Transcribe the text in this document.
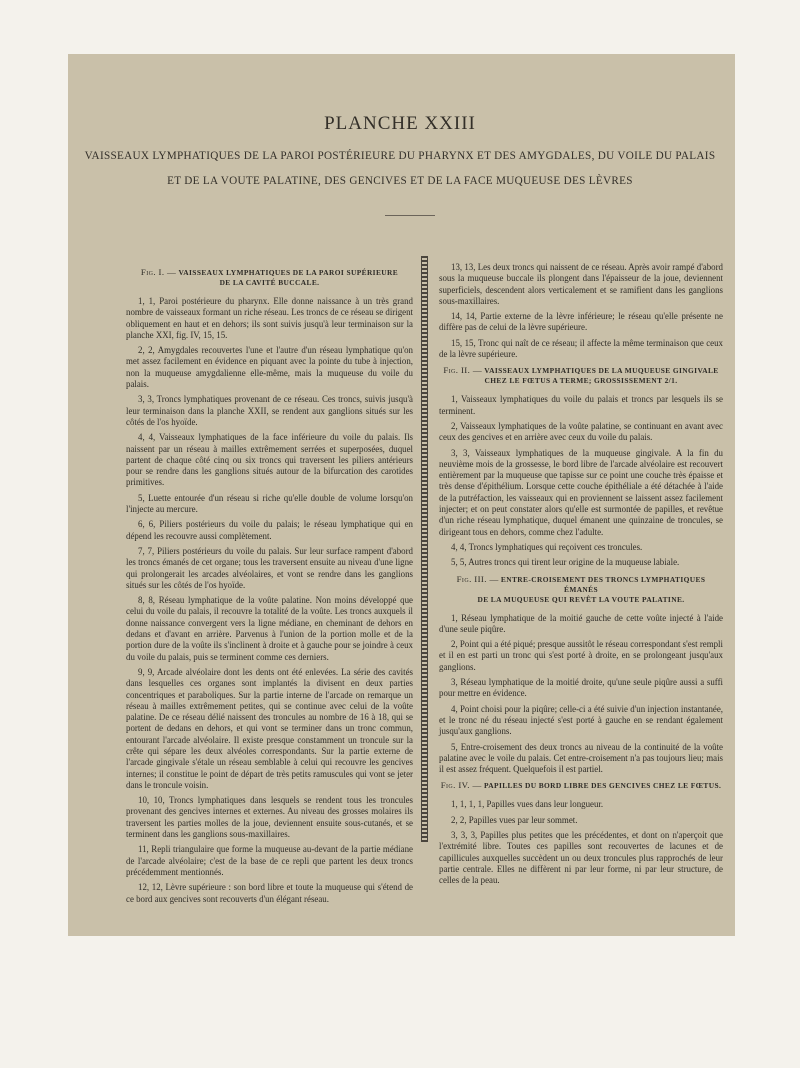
PLANCHE XXIII
VAISSEAUX LYMPHATIQUES DE LA PAROI POSTÉRIEURE DU PHARYNX ET DES AMYGDALES, DU VOILE DU PALAIS
ET DE LA VOUTE PALATINE, DES GENCIVES ET DE LA FACE MUQUEUSE DES LÈVRES
Fig. I. — VAISSEAUX LYMPHATIQUES DE LA PAROI SUPÉRIEURE
DE LA CAVITÉ BUCCALE.

1, 1, Paroi postérieure du pharynx. Elle donne naissance à un très grand nombre de vaisseaux formant un riche réseau. Les troncs de ce réseau se dirigent obliquement en haut et en dehors; ils sont suivis jusqu'à leur terminaison sur la planche XXI, fig. IV, 15, 15.

2, 2, Amygdales recouvertes l'une et l'autre d'un réseau lymphatique qu'on met assez facilement en évidence en piquant avec la pointe du tube à injection, non la muqueuse amygdalienne elle-même, mais la muqueuse du voile du palais.

3, 3, Troncs lymphatiques provenant de ce réseau. Ces troncs, suivis jusqu'à leur terminaison dans la planche XXII, se rendent aux ganglions situés sur les côtés de l'os hyoïde.

4, 4, Vaisseaux lymphatiques de la face inférieure du voile du palais. Ils naissent par un réseau à mailles extrêmement serrées et superposées, duquel partent de chaque côté cinq ou six troncs qui traversent les piliers antérieurs pour se rendre dans les ganglions situés autour de la bifurcation des carotides primitives.

5, Luette entourée d'un réseau si riche qu'elle double de volume lorsqu'on l'injecte au mercure.

6, 6, Piliers postérieurs du voile du palais; le réseau lymphatique qui en dépend les recouvre aussi complètement.

7, 7, Piliers postérieurs du voile du palais. Sur leur surface rampent d'abord les troncs émanés de cet organe; tous les traversent ensuite au niveau d'une ligne qui prolongerait les arcades alvéolaires, et vont se rendre dans les ganglions situés sur les côtés de l'os hyoïde.

8, 8, Réseau lymphatique de la voûte palatine. Non moins développé que celui du voile du palais, il recouvre la totalité de la voûte. Les troncs auxquels il donne naissance convergent vers la ligne médiane, en cheminant de dehors en dedans et d'avant en arrière. Parvenus à l'union de la portion molle et de la portion dure de la voûte ils s'inclinent à droite et à gauche pour se joindre à ceux du voile du palais, puis se terminent comme ces derniers.

9, 9, Arcade alvéolaire dont les dents ont été enlevées. La série des cavités dans lesquelles ces organes sont implantés la divisent en deux parties concentriques et paraboliques. Sur la partie interne de l'arcade on remarque un réseau à mailles extrêmement petites, qui se continue avec celui de la voûte palatine. De ce réseau délié naissent des troncules au nombre de 16 à 18, qui se portent de dedans en dehors, et qui vont se terminer dans un tronc commun, entourant l'arcade alvéolaire. Il existe presque constamment un troncule sur la crête qui sépare les deux alvéoles correspondants. Sur la partie externe de l'arcade gingivale s'étale un réseau semblable à celui qui recouvre les gencives internes; il constitue le point de départ de très petits ramuscules qui vont se jeter dans le troncule voisin.

10, 10, Troncs lymphatiques dans lesquels se rendent tous les troncules provenant des gencives internes et externes. Au niveau des grosses molaires ils traversent les parties molles de la joue, deviennent ensuite sous-cutanés, et se terminent dans les ganglions sous-maxillaires.

11, Repli triangulaire que forme la muqueuse au-devant de la partie médiane de l'arcade alvéolaire; c'est de la base de ce repli que partent les deux troncs précédemment mentionnés.

12, 12, Lèvre supérieure : son bord libre et toute la muqueuse qui s'étend de ce bord aux gencives sont recouverts d'un élégant réseau.

13, 13, Les deux troncs qui naissent de ce réseau. Après avoir rampé d'abord sous la muqueuse buccale ils plongent dans l'épaisseur de la joue, deviennent superficiels, descendent alors verticalement et se ramifient dans les ganglions sous-maxillaires.

14, 14, Partie externe de la lèvre inférieure; le réseau qu'elle présente ne diffère pas de celui de la lèvre supérieure.

15, 15, Tronc qui naît de ce réseau; il affecte la même terminaison que ceux de la lèvre supérieure.

Fig. II. — VAISSEAUX LYMPHATIQUES DE LA MUQUEUSE GINGIVALE
CHEZ LE FŒTUS A TERME; GROSSISSEMENT 2/1.

1, Vaisseaux lymphatiques du voile du palais et troncs par lesquels ils se terminent.

2, Vaisseaux lymphatiques de la voûte palatine, se continuant en avant avec ceux des gencives et en arrière avec ceux du voile du palais.

3, 3, Vaisseaux lymphatiques de la muqueuse gingivale. A la fin du neuvième mois de la grossesse, le bord libre de l'arcade alvéolaire est recouvert entièrement par la muqueuse que tapisse sur ce point une couche très épaisse et très dense d'épithélium. Lorsque cette couche épithéliale a été détachée à l'aide de la putréfaction, les vaisseaux qui en proviennent se laissent assez facilement injecter; et on peut constater alors qu'elle est surmontée de papilles, et revêtue d'un riche réseau lymphatique, duquel émanent une quinzaine de troncules, se dirigeant tous en dehors, comme chez l'adulte.

4, 4, Troncs lymphatiques qui reçoivent ces troncules.

5, 5, Autres troncs qui tirent leur origine de la muqueuse labiale.

Fig. III. — ENTRE-CROISEMENT DES TRONCS LYMPHATIQUES ÉMANÉS
DE LA MUQUEUSE QUI REVÊT LA VOUTE PALATINE.

1, Réseau lymphatique de la moitié gauche de cette voûte injecté à l'aide d'une seule piqûre.

2, Point qui a été piqué; presque aussitôt le réseau correspondant s'est rempli et il en est parti un tronc qui s'est porté à droite, en se prolongeant jusqu'aux ganglions.

3, Réseau lymphatique de la moitié droite, qu'une seule piqûre aussi a suffi pour mettre en évidence.

4, Point choisi pour la piqûre; celle-ci a été suivie d'un injection instantanée, et le tronc né du réseau injecté s'est porté à gauche en se rendant également jusqu'aux ganglions.

5, Entre-croisement des deux troncs au niveau de la continuité de la voûte palatine avec le voile du palais. Cet entre-croisement n'a pas toujours lieu; mais il est assez fréquent. Quelquefois il est partiel.

Fig. IV. — PAPILLES DU BORD LIBRE DES GENCIVES CHEZ LE FŒTUS.

1, 1, 1, 1, Papilles vues dans leur longueur.

2, 2, Papilles vues par leur sommet.

3, 3, 3, Papilles plus petites que les précédentes, et dont on n'aperçoit que l'extrémité libre. Toutes ces papilles sont recouvertes de lacunes et de capillicules auxquelles succèdent un ou deux troncules plus rapprochés de leur partie centrale. Elles ne diffèrent ni par leur forme, ni par leur structure, de celles de la peau.
